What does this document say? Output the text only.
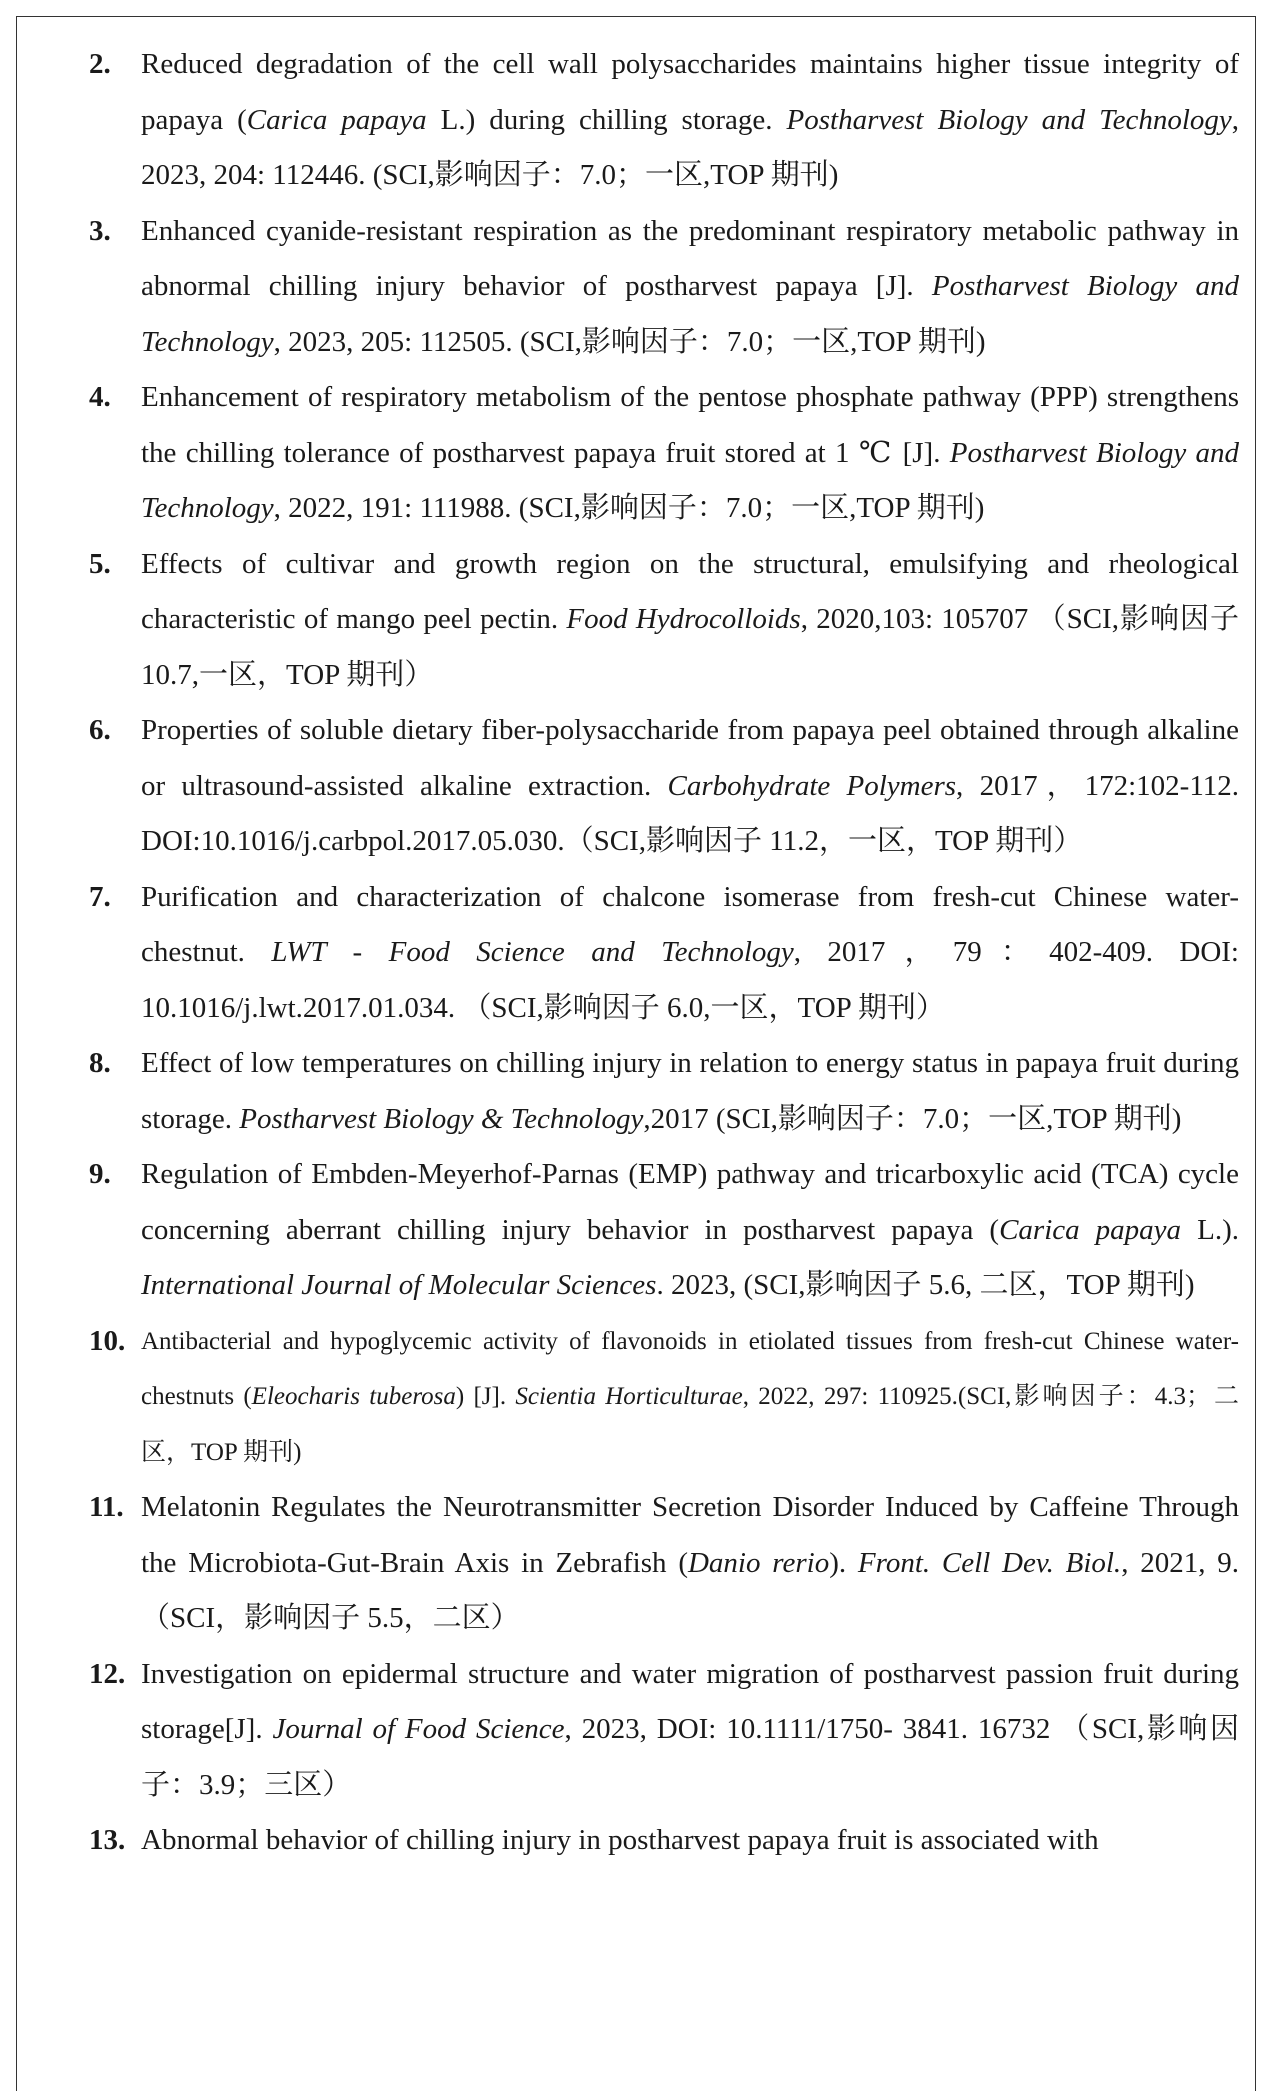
2. Reduced degradation of the cell wall polysaccharides maintains higher tissue integrity of papaya (Carica papaya L.) during chilling storage. Postharvest Biology and Technology, 2023, 204: 112446. (SCI,影响因子：7.0；一区,TOP 期刊)
3. Enhanced cyanide-resistant respiration as the predominant respiratory metabolic pathway in abnormal chilling injury behavior of postharvest papaya [J]. Postharvest Biology and Technology, 2023, 205: 112505. (SCI,影响因子：7.0；一区,TOP 期刊)
4. Enhancement of respiratory metabolism of the pentose phosphate pathway (PPP) strengthens the chilling tolerance of postharvest papaya fruit stored at 1 ℃ [J]. Postharvest Biology and Technology, 2022, 191: 111988. (SCI,影响因子：7.0；一区,TOP 期刊)
5. Effects of cultivar and growth region on the structural, emulsifying and rheological characteristic of mango peel pectin. Food Hydrocolloids, 2020,103: 105707 （SCI,影响因子 10.7,一区，TOP 期刊）
6. Properties of soluble dietary fiber-polysaccharide from papaya peel obtained through alkaline or ultrasound-assisted alkaline extraction. Carbohydrate Polymers, 2017，172:102-112. DOI:10.1016/j.carbpol.2017.05.030.（SCI,影响因子 11.2，一区，TOP 期刊）
7. Purification and characterization of chalcone isomerase from fresh-cut Chinese water-chestnut. LWT - Food Science and Technology, 2017，79：402-409. DOI: 10.1016/j.lwt.2017.01.034. （SCI,影响因子 6.0,一区，TOP 期刊）
8. Effect of low temperatures on chilling injury in relation to energy status in papaya fruit during storage. Postharvest Biology & Technology,2017 (SCI,影响因子：7.0；一区,TOP 期刊)
9. Regulation of Embden-Meyerhof-Parnas (EMP) pathway and tricarboxylic acid (TCA) cycle concerning aberrant chilling injury behavior in postharvest papaya (Carica papaya L.). International Journal of Molecular Sciences. 2023, (SCI,影响因子 5.6, 二区，TOP 期刊)
10. Antibacterial and hypoglycemic activity of flavonoids in etiolated tissues from fresh-cut Chinese water-chestnuts (Eleocharis tuberosa) [J]. Scientia Horticulturae, 2022, 297: 110925.(SCI,影响因子：4.3；二区，TOP 期刊)
11. Melatonin Regulates the Neurotransmitter Secretion Disorder Induced by Caffeine Through the Microbiota-Gut-Brain Axis in Zebrafish (Danio rerio). Front. Cell Dev. Biol., 2021, 9. （SCI，影响因子 5.5，二区）
12. Investigation on epidermal structure and water migration of postharvest passion fruit during storage[J]. Journal of Food Science, 2023, DOI: 10.1111/1750- 3841. 16732 （SCI,影响因子：3.9；三区）
13. Abnormal behavior of chilling injury in postharvest papaya fruit is associated with
